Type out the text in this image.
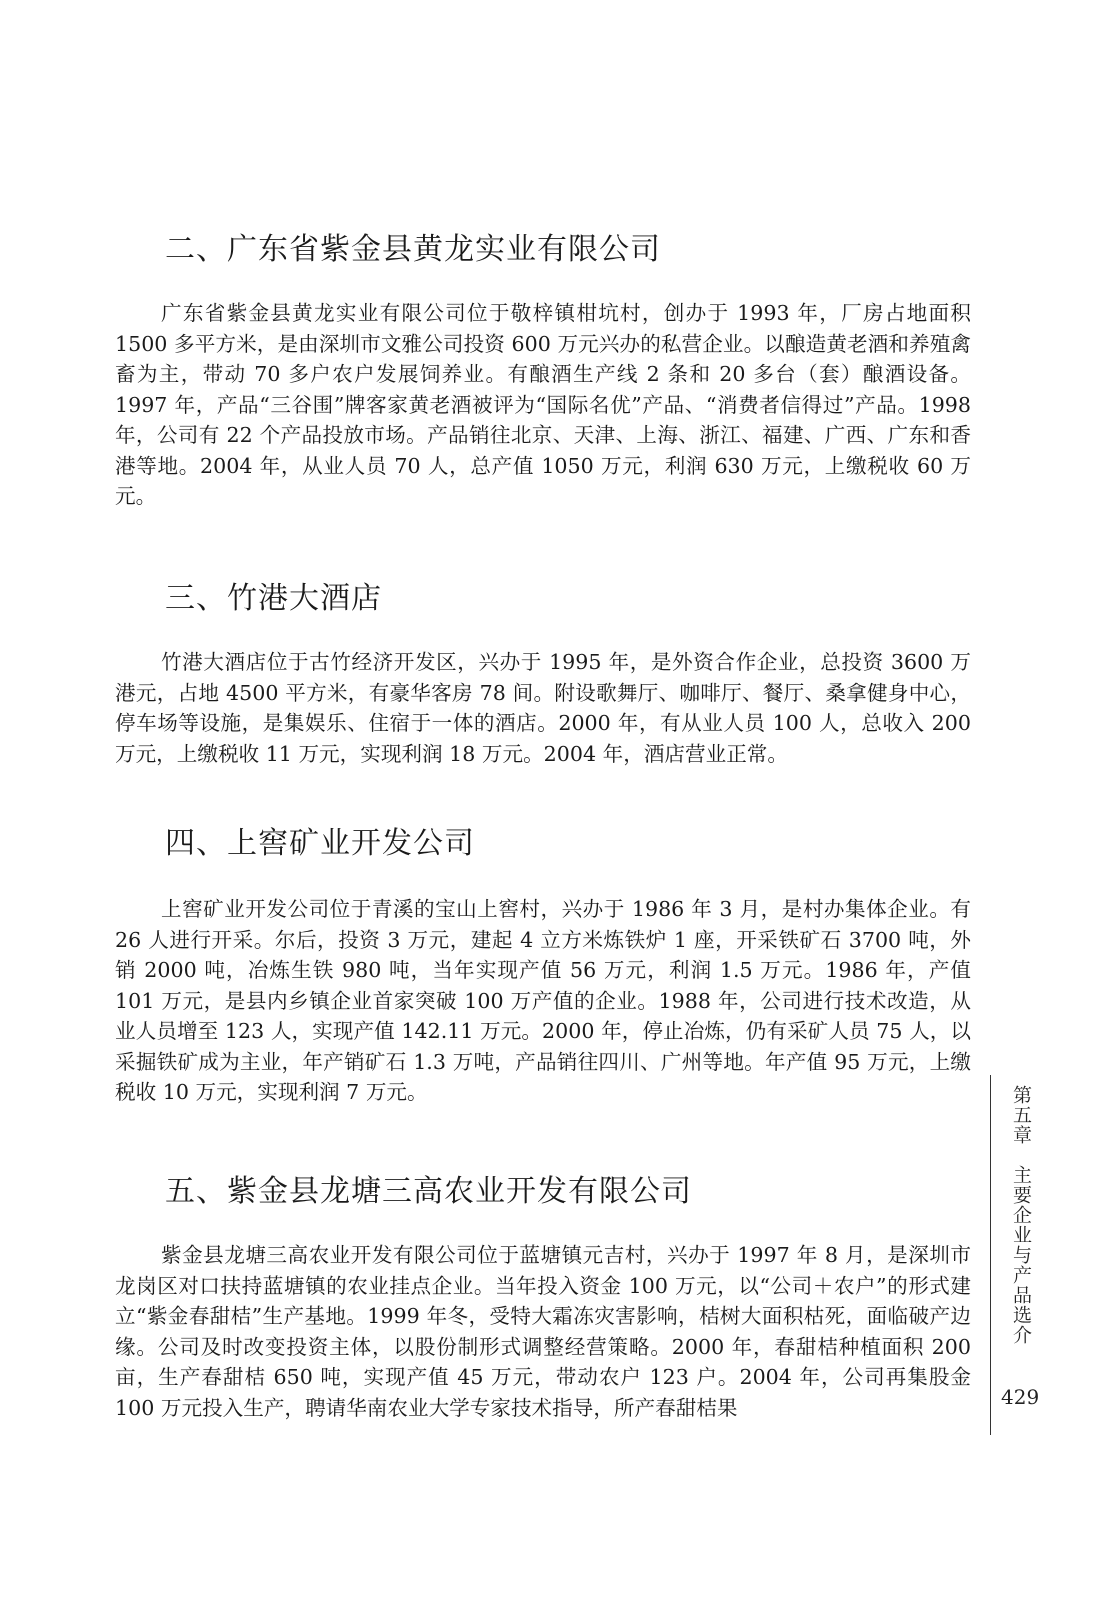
二、广东省紫金县黄龙实业有限公司

广东省紫金县黄龙实业有限公司位于敬梓镇柑坑村，创办于 1993 年，厂房占地面积 1500 多平方米，是由深圳市文雅公司投资 600 万元兴办的私营企业。以酿造黄老酒和养殖禽畜为主，带动 70 多户农户发展饲养业。有酿酒生产线 2 条和 20 多台（套）酿酒设备。1997 年，产品“三谷围”牌客家黄老酒被评为“国际名优”产品、“消费者信得过”产品。1998 年，公司有 22 个产品投放市场。产品销往北京、天津、上海、浙江、福建、广西、广东和香港等地。2004 年，从业人员 70 人，总产值 1050 万元，利润 630 万元，上缴税收 60 万元。

三、竹港大酒店

竹港大酒店位于古竹经济开发区，兴办于 1995 年，是外资合作企业，总投资 3600 万港元，占地 4500 平方米，有豪华客房 78 间。附设歌舞厅、咖啡厅、餐厅、桑拿健身中心，停车场等设施，是集娱乐、住宿于一体的酒店。2000 年，有从业人员 100 人，总收入 200 万元，上缴税收 11 万元，实现利润 18 万元。2004 年，酒店营业正常。

四、上窖矿业开发公司

上窖矿业开发公司位于青溪的宝山上窖村，兴办于 1986 年 3 月，是村办集体企业。有 26 人进行开采。尔后，投资 3 万元，建起 4 立方米炼铁炉 1 座，开采铁矿石 3700 吨，外销 2000 吨，冶炼生铁 980 吨，当年实现产值 56 万元，利润 1.5 万元。1986 年，产值 101 万元，是县内乡镇企业首家突破 100 万产值的企业。1988 年，公司进行技术改造，从业人员增至 123 人，实现产值 142.11 万元。2000 年，停止冶炼，仍有采矿人员 75 人，以采掘铁矿成为主业，年产销矿石 1.3 万吨，产品销往四川、广州等地。年产值 95 万元，上缴税收 10 万元，实现利润 7 万元。

五、紫金县龙塘三高农业开发有限公司

紫金县龙塘三高农业开发有限公司位于蓝塘镇元吉村，兴办于 1997 年 8 月，是深圳市龙岗区对口扶持蓝塘镇的农业挂点企业。当年投入资金 100 万元，以“公司＋农户”的形式建立“紫金春甜桔”生产基地。1999 年冬，受特大霜冻灾害影响，桔树大面积枯死，面临破产边缘。公司及时改变投资主体，以股份制形式调整经营策略。2000 年，春甜桔种植面积 200 亩，生产春甜桔 650 吨，实现产值 45 万元，带动农户 123 户。2004 年，公司再集股金 100 万元投入生产，聘请华南农业大学专家技术指导，所产春甜桔果

第五章　主要企业与产品选介
429
